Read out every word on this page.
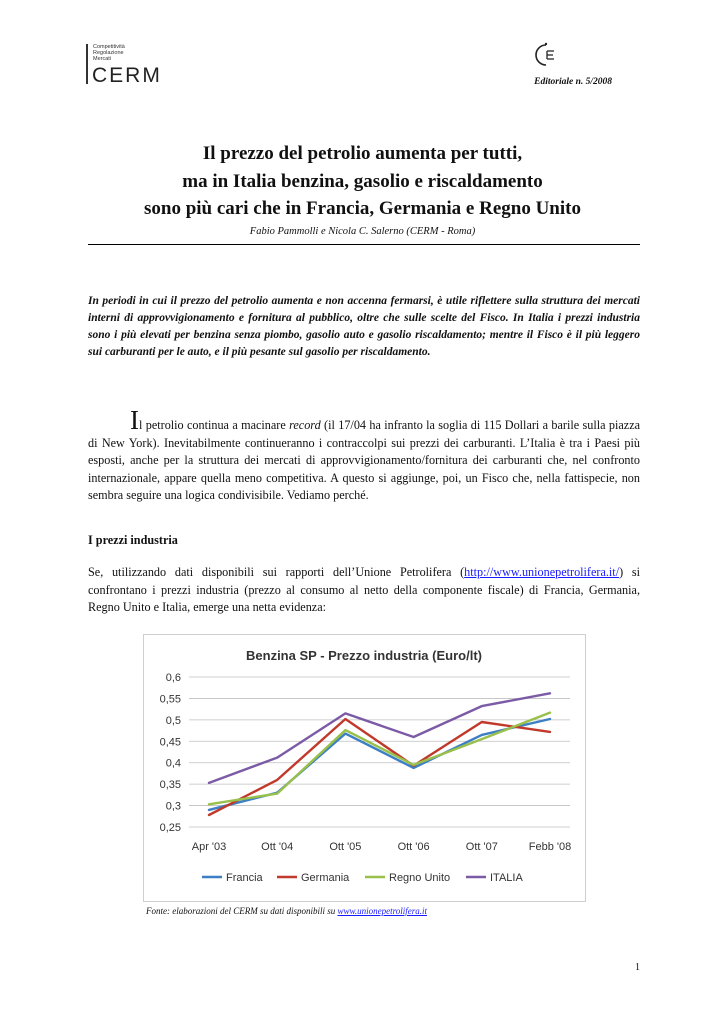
Competitività
Regolazione
Mercati
CERM	Editoriale n. 5/2008
Il prezzo del petrolio aumenta per tutti,
ma in Italia benzina, gasolio e riscaldamento
sono più cari che in Francia, Germania e Regno Unito
Fabio Pammolli e Nicola C. Salerno (CERM - Roma)
In periodi in cui il prezzo del petrolio aumenta e non accenna fermarsi, è utile riflettere sulla struttura dei mercati interni di approvvigionamento e fornitura al pubblico, oltre che sulle scelte del Fisco. In Italia i prezzi industria sono i più elevati per benzina senza piombo, gasolio auto e gasolio riscaldamento; mentre il Fisco è il più leggero sui carburanti per le auto, e il più pesante sul gasolio per riscaldamento.
Il petrolio continua a macinare record (il 17/04 ha infranto la soglia di 115 Dollari a barile sulla piazza di New York). Inevitabilmente continueranno i contraccolpi sui prezzi dei carburanti. L’Italia è tra i Paesi più esposti, anche per la struttura dei mercati di approvvigionamento/fornitura dei carburanti che, nel confronto internazionale, appare quella meno competitiva. A questo si aggiunge, poi, un Fisco che, nella fattispecie, non sembra seguire una logica condivisibile. Vediamo perché.
I prezzi industria
Se, utilizzando dati disponibili sui rapporti dell’Unione Petrolifera (http://www.unionepetrolifera.it/) si confrontano i prezzi industria (prezzo al consumo al netto della componente fiscale) di Francia, Germania, Regno Unito e Italia, emerge una netta evidenza:
Benzina SP - Prezzo industria (Euro/lt)
0,25
0,3
0,35
0,4
0,45
0,5
0,55
0,6
Apr '03	Ott '04	Ott '05	Ott '06	Ott '07	Febb '08
Francia	Germania	Regno Unito	ITALIA
Fonte: elaborazioni del CERM su dati disponibili su www.unionepetrolifera.it
1
